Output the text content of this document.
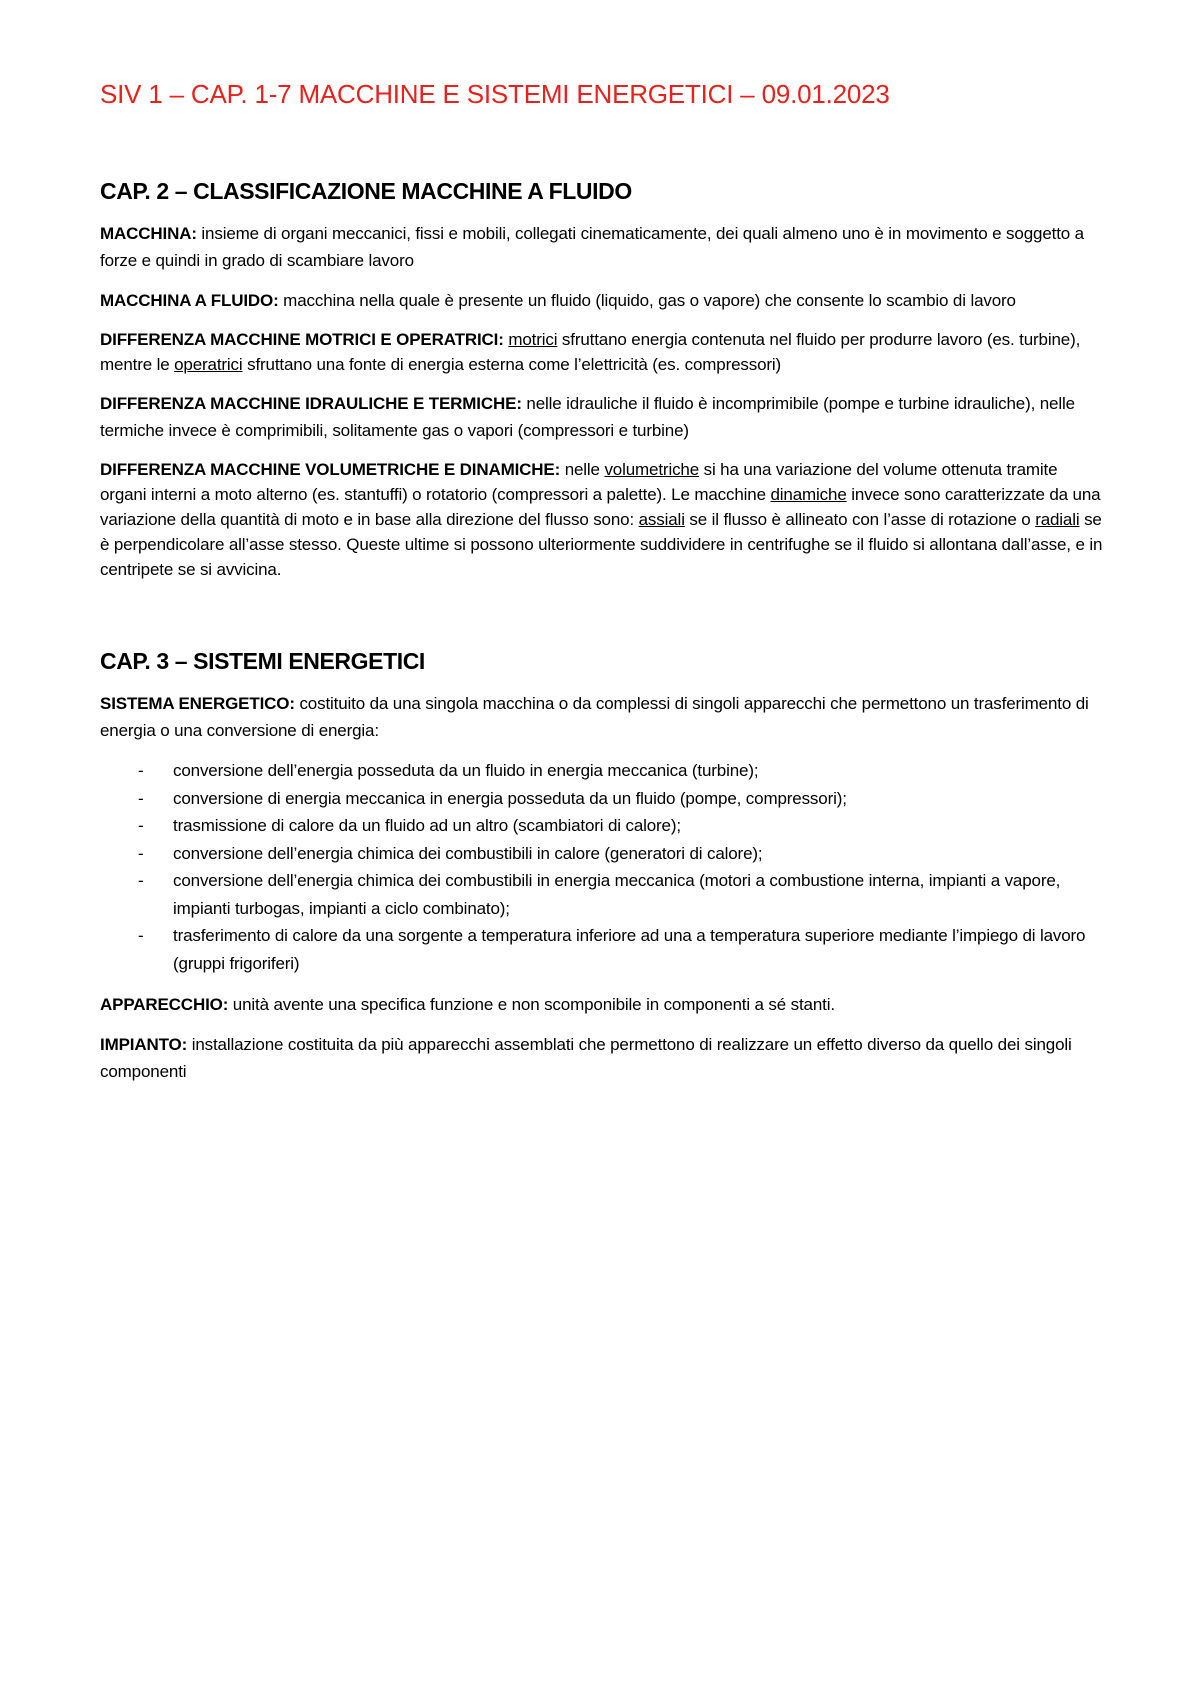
SIV 1 – CAP. 1-7 MACCHINE E SISTEMI ENERGETICI – 09.01.2023
CAP. 2 – CLASSIFICAZIONE MACCHINE A FLUIDO

MACCHINA: insieme di organi meccanici, fissi e mobili, collegati cinematicamente, dei quali almeno uno è in movimento e soggetto a forze e quindi in grado di scambiare lavoro

MACCHINA A FLUIDO: macchina nella quale è presente un fluido (liquido, gas o vapore) che consente lo scambio di lavoro

DIFFERENZA MACCHINE MOTRICI E OPERATRICI: motrici sfruttano energia contenuta nel fluido per produrre lavoro (es. turbine), mentre le operatrici sfruttano una fonte di energia esterna come l’elettricità (es. compressori)

DIFFERENZA MACCHINE IDRAULICHE E TERMICHE: nelle idrauliche il fluido è incomprimibile (pompe e turbine idrauliche), nelle termiche invece è comprimibili, solitamente gas o vapori (compressori e turbine)

DIFFERENZA MACCHINE VOLUMETRICHE E DINAMICHE: nelle volumetriche si ha una variazione del volume ottenuta tramite organi interni a moto alterno (es. stantuffi) o rotatorio (compressori a palette). Le macchine dinamiche invece sono caratterizzate da una variazione della quantità di moto e in base alla direzione del flusso sono: assiali se il flusso è allineato con l’asse di rotazione o radiali se è perpendicolare all’asse stesso. Queste ultime si possono ulteriormente suddividere in centrifughe se il fluido si allontana dall’asse, e in centripete se si avvicina.

CAP. 3 – SISTEMI ENERGETICI

SISTEMA ENERGETICO: costituito da una singola macchina o da complessi di singoli apparecchi che permettono un trasferimento di energia o una conversione di energia:

- conversione dell’energia posseduta da un fluido in energia meccanica (turbine);
- conversione di energia meccanica in energia posseduta da un fluido (pompe, compressori);
- trasmissione di calore da un fluido ad un altro (scambiatori di calore);
- conversione dell’energia chimica dei combustibili in calore (generatori di calore);
- conversione dell’energia chimica dei combustibili in energia meccanica (motori a combustione interna, impianti a vapore, impianti turbogas, impianti a ciclo combinato);
- trasferimento di calore da una sorgente a temperatura inferiore ad una a temperatura superiore mediante l’impiego di lavoro (gruppi frigoriferi)

APPARECCHIO: unità avente una specifica funzione e non scomponibile in componenti a sé stanti.

IMPIANTO: installazione costituita da più apparecchi assemblati che permettono di realizzare un effetto diverso da quello dei singoli componenti
